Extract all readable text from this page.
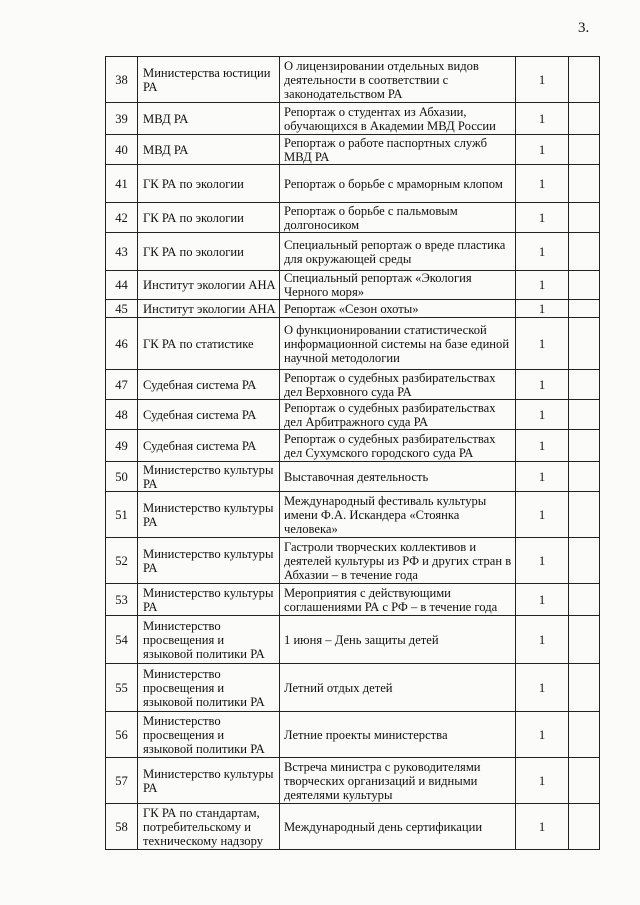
3.
38	Министерства юстиции РА	О лицензировании отдельных видов деятельности в соответствии с законодательством РА	1	
39	МВД РА	Репортаж о студентах из Абхазии, обучающихся в Академии МВД России	1	
40	МВД РА	Репортаж о работе паспортных служб МВД РА	1	
41	ГК РА по экологии	Репортаж о борьбе с мраморным клопом	1	
42	ГК РА по экологии	Репортаж о борьбе с пальмовым долгоносиком	1	
43	ГК РА по экологии	Специальный репортаж о вреде пластика для окружающей среды	1	
44	Институт экологии АНА	Специальный репортаж «Экология Черного моря»	1	
45	Институт экологии АНА	Репортаж «Сезон охоты»	1	
46	ГК РА по статистике	О функционировании статистической информационной системы на базе единой научной методологии	1	
47	Судебная система РА	Репортаж о судебных разбирательствах дел Верховного суда РА	1	
48	Судебная система РА	Репортаж о судебных разбирательствах дел Арбитражного суда РА	1	
49	Судебная система РА	Репортаж о судебных разбирательствах дел Сухумского городского суда РА	1	
50	Министерство культуры РА	Выставочная деятельность	1	
51	Министерство культуры РА	Международный фестиваль культуры имени Ф.А. Искандера «Стоянка человека»	1	
52	Министерство культуры РА	Гастроли творческих коллективов и деятелей культуры из РФ и других стран в Абхазии – в течение года	1	
53	Министерство культуры РА	Мероприятия с действующими соглашениями РА с РФ – в течение года	1	
54	Министерство просвещения и языковой политики РА	1 июня – День защиты детей	1	
55	Министерство просвещения и языковой политики РА	Летний отдых детей	1	
56	Министерство просвещения и языковой политики РА	Летние проекты министерства	1	
57	Министерство культуры РА	Встреча министра с руководителями творческих организаций и видными деятелями культуры	1	
58	ГК РА по стандартам, потребительскому и техническому надзору	Международный день сертификации	1	
